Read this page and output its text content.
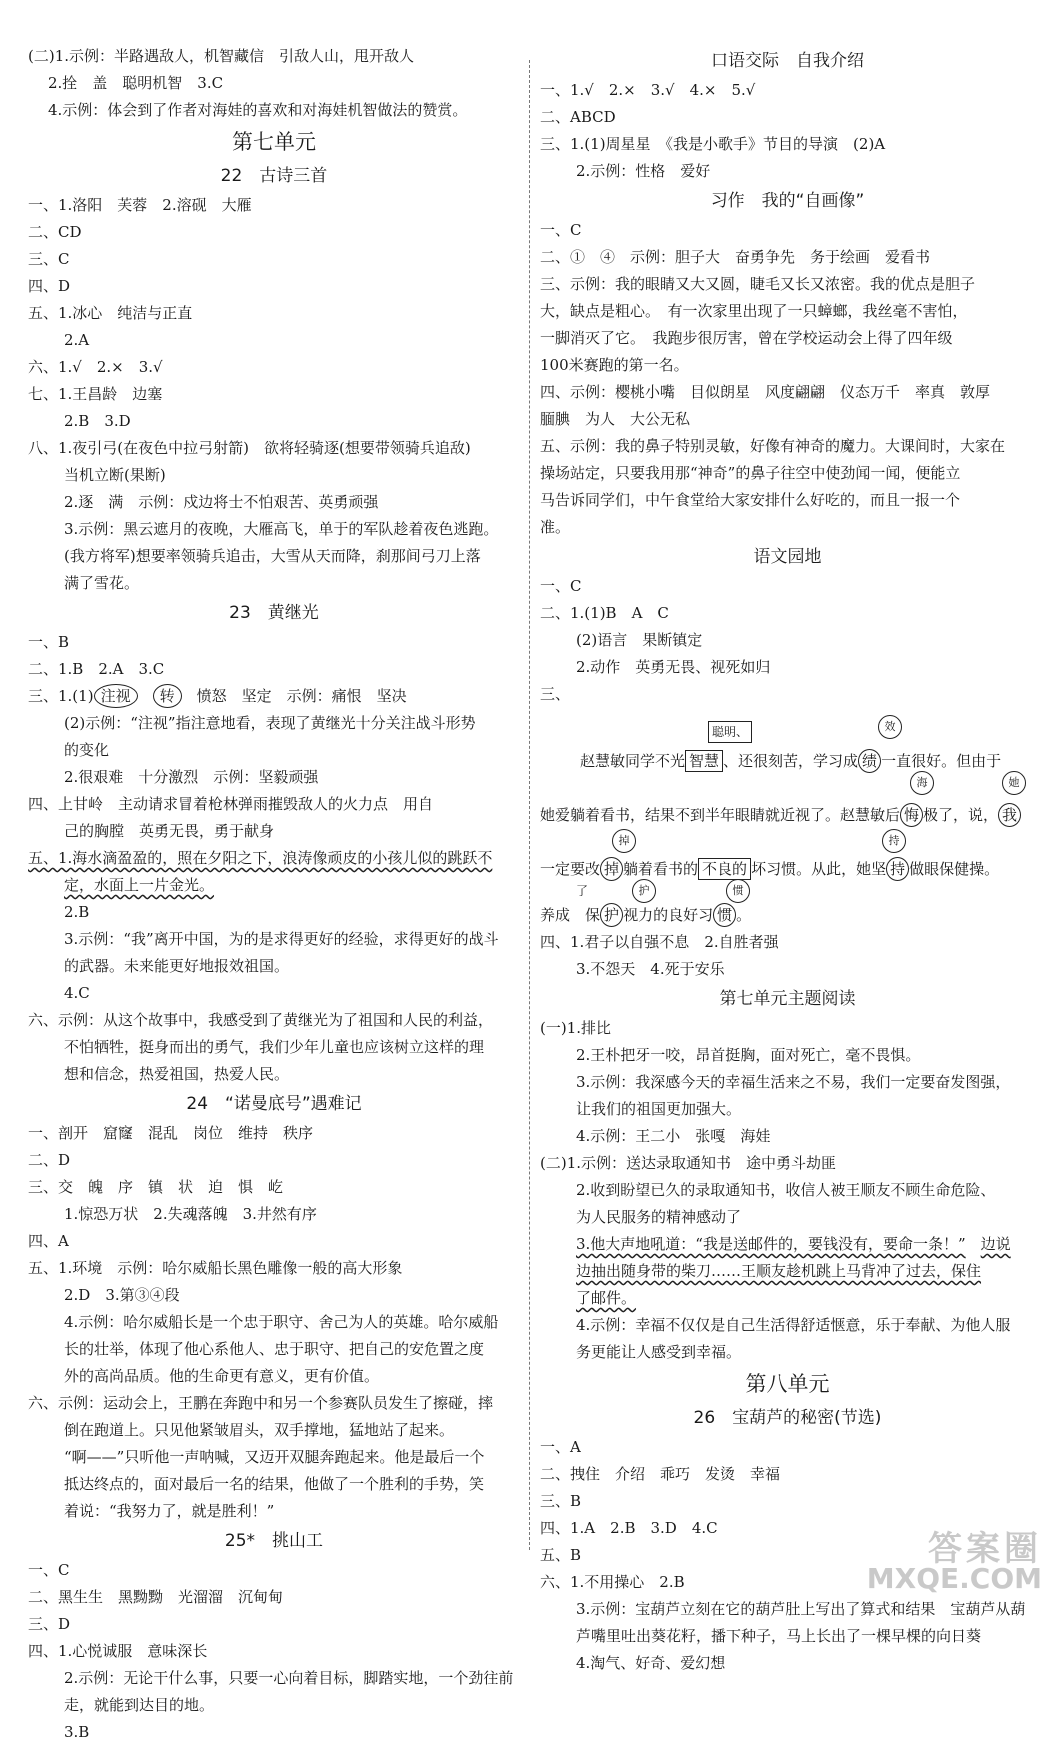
(二)1.示例：半路遇敌人，机智藏信　引敌人山，甩开敌人
2.拴　盖　聪明机智　3.C
4.示例：体会到了作者对海娃的喜欢和对海娃机智做法的赞赏。
第七单元
22　古诗三首
一、1.洛阳　芙蓉　2.溶砚　大雁
二、CD
三、C
四、D
五、1.冰心　纯洁与正直
2.A
六、1.√　2.×　3.√
七、1.王昌龄　边塞
2.B　3.D
八、1.夜引弓(在夜色中拉弓射箭)　欲将轻骑逐(想要带领骑兵追敌)
当机立断(果断)
2.逐　满　示例：戍边将士不怕艰苦、英勇顽强
3.示例：黑云遮月的夜晚，大雁高飞，单于的军队趁着夜色逃跑。
(我方将军)想要率领骑兵追击，大雪从天而降，刹那间弓刀上落
满了雪花。
23　黄继光
一、B
二、1.B　2.A　3.C
三、1.(1) 注视　 转　 愤怒　坚定　示例：痛恨　坚决
(2)示例：“注视”指注意地看，表现了黄继光十分关注战斗形势
的变化
2.很艰难　十分激烈　示例：坚毅顽强
四、上甘岭　主动请求冒着枪林弹雨摧毁敌人的火力点　用自
己的胸膛　英勇无畏，勇于献身
五、1.海水滴盈盈的，照在夕阳之下，浪涛像顽皮的小孩儿似的跳跃不
定，水面上一片金光。
2.B
3.示例：“我”离开中国，为的是求得更好的经验，求得更好的战斗
的武器。未来能更好地报效祖国。
4.C
六、示例：从这个故事中，我感受到了黄继光为了祖国和人民的利益，
不怕牺牲，挺身而出的勇气，我们少年儿童也应该树立这样的理
想和信念，热爱祖国，热爱人民。
24　“诺曼底号”遇难记
一、剖开　窟窿　混乱　岗位　维持　秩序
二、D
三、交　魄　序　镇　状　迫　惧　屹
1.惊恐万状　2.失魂落魄　3.井然有序
四、A
五、1.环境　示例：哈尔威船长黑色雕像一般的高大形象
2.D　3.第③④段
4.示例：哈尔威船长是一个忠于职守、舍己为人的英雄。哈尔威船
长的壮举，体现了他心系他人、忠于职守、把自己的安危置之度
外的高尚品质。他的生命更有意义，更有价值。
六、示例：运动会上，王鹏在奔跑中和另一个参赛队员发生了擦碰，摔
倒在跑道上。只见他紧皱眉头，双手撑地，猛地站了起来。
“啊——”只听他一声呐喊，又迈开双腿奔跑起来。他是最后一个
抵达终点的，面对最后一名的结果，他做了一个胜利的手势，笑
着说：“我努力了，就是胜利！”
25*　挑山工
一、C
二、黑生生　黑黝黝　光溜溜　沉甸甸
三、D
四、1.心悦诚服　意味深长
2.示例：无论干什么事，只要一心向着目标，脚踏实地，一个劲往前
走，就能到达目的地。
3.B
口语交际　自我介绍
一、1.√　2.×　3.√　4.×　5.√
二、ABCD
三、1.(1)周星星　《我是小歌手》节目的导演　(2)A
2.示例：性格　爱好
习作　我的“自画像”
一、C
二、①　④　示例：胆子大　奋勇争先　务于绘画　爱看书
三、示例：我的眼睛又大又圆，睫毛又长又浓密。我的优点是胆子
大，缺点是粗心。　有一次家里出现了一只蟑螂，我丝毫不害怕，
一脚消灭了它。　我跑步很厉害，曾在学校运动会上得了四年级
100米赛跑的第一名。
四、示例：樱桃小嘴　目似朗星　风度翩翩　仪态万千　率真　敦厚
腼腆　为人　大公无私
五、示例：我的鼻子特别灵敏，好像有神奇的魔力。大课间时，大家在
操场站定，只要我用那“神奇”的鼻子往空中使劲闻一闻，便能立
马告诉同学们，中午食堂给大家安排什么好吃的，而且一报一个
准。
语文园地
一、C
二、1.(1)B　A　C
(2)语言　果断镇定
2.动作　英勇无畏、视死如归
三、
聪明、	效
赵慧敏同学不光 智慧 、还很刻苦，学习成 绩 一直很好。但由于
海	她
她爱躺着看书，结果不到半年眼睛就近视了。赵慧敏后 悔 极了，说， 我
掉	持
一定要改 掉 躺着看书的 不良的 坏习惯。从此，她坚 持 做眼保健操。
了	护	惯
养成　 保 护 视力的良好习 惯 。
四、1.君子以自强不息　2.自胜者强
3.不怨天　4.死于安乐
第七单元主题阅读
(一)1.排比
2.王朴把牙一咬，昂首挺胸，面对死亡，毫不畏惧。
3.示例：我深感今天的幸福生活来之不易，我们一定要奋发图强，
让我们的祖国更加强大。
4.示例：王二小　张嘎　海娃
(二)1.示例：送达录取通知书　途中勇斗劫匪
2.收到盼望已久的录取通知书，收信人被王顺友不顾生命危险、
为人民服务的精神感动了
3.他大声地吼道：“我是送邮件的，要钱没有，要命一条！”　 边说
边抽出随身带的柴刀……王顺友趁机跳上马背冲了过去，保住
了邮件。
4.示例：幸福不仅仅是自己生活得舒适惬意，乐于奉献、为他人服
务更能让人感受到幸福。
第八单元
26　宝葫芦的秘密(节选)
一、A
二、拽住　介绍　乖巧　发烫　幸福
三、B
四、1.A　2.B　3.D　4.C
五、B
六、1.不用操心　2.B
3.示例：宝葫芦立刻在它的葫芦肚上写出了算式和结果　宝葫芦从葫
芦嘴里吐出葵花籽，播下种子，马上长出了一棵早棵的向日葵
4.淘气、好奇、爱幻想
答案圈
MXQE.COM
